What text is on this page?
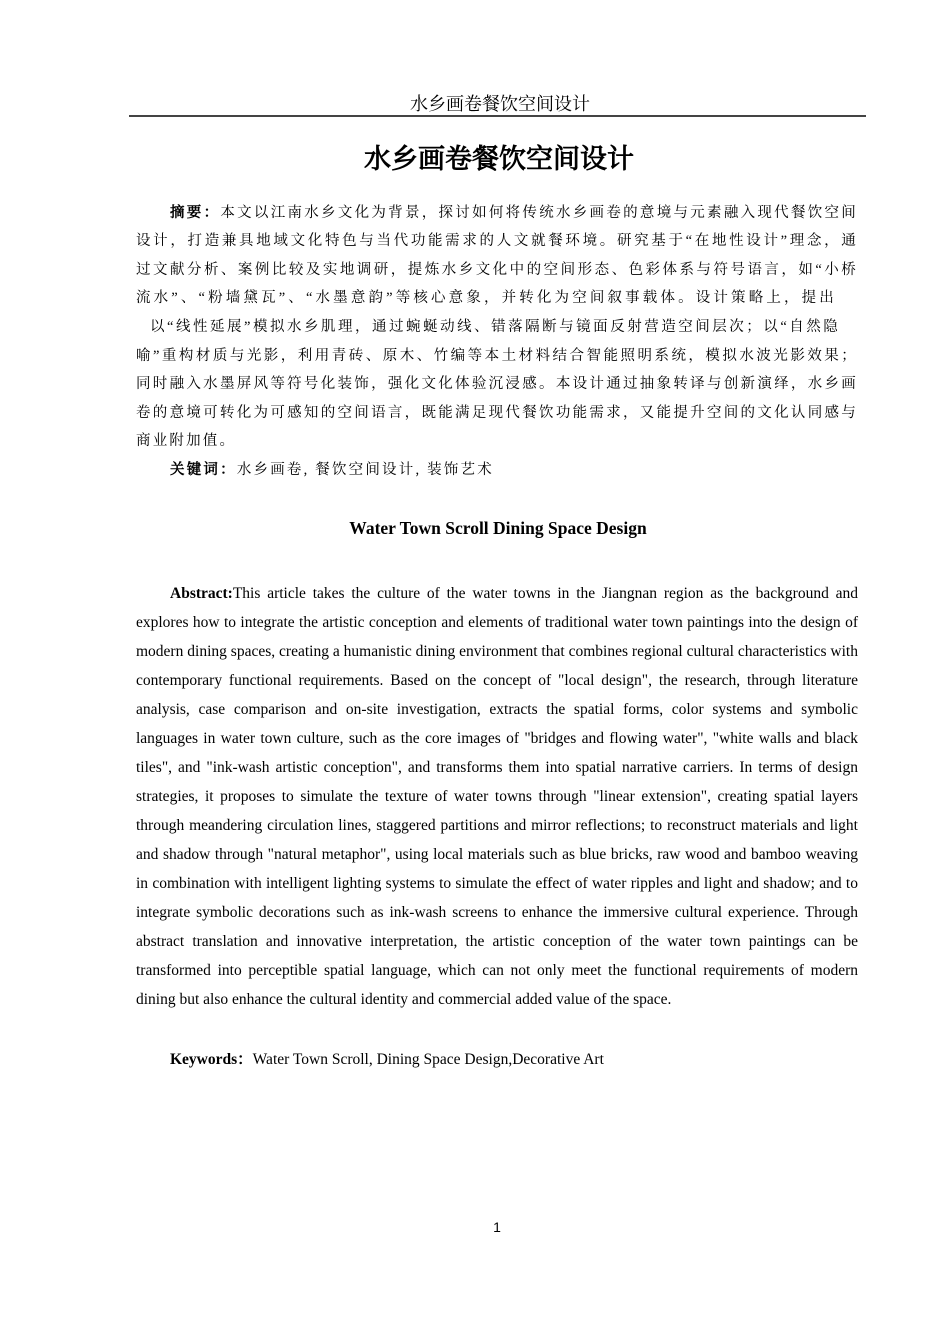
水乡画卷餐饮空间设计
水乡画卷餐饮空间设计
摘要：本文以江南水乡文化为背景，探讨如何将传统水乡画卷的意境与元素融入现代餐饮空间
设计，打造兼具地域文化特色与当代功能需求的人文就餐环境。研究基于“在地性设计”理念，通
过文献分析、案例比较及实地调研，提炼水乡文化中的空间形态、色彩体系与符号语言，如“小桥
流水”、“粉墙黛瓦”、“水墨意韵”等核心意象，并转化为空间叙事载体。设计策略上，提出
以“线性延展”模拟水乡肌理，通过蜿蜒动线、错落隔断与镜面反射营造空间层次；以“自然隐
喻”重构材质与光影，利用青砖、原木、竹编等本土材料结合智能照明系统，模拟水波光影效果；
同时融入水墨屏风等符号化装饰，强化文化体验沉浸感。本设计通过抽象转译与创新演绎，水乡画
卷的意境可转化为可感知的空间语言，既能满足现代餐饮功能需求，又能提升空间的文化认同感与
商业附加值。
关键词：水乡画卷, 餐饮空间设计, 装饰艺术
Water Town Scroll Dining Space Design
Abstract:This article takes the culture of the water towns in the Jiangnan region as the background and explores how to integrate the artistic conception and elements of traditional water town paintings into the design of modern dining spaces, creating a humanistic dining environment that combines regional cultural characteristics with contemporary functional requirements. Based on the concept of "local design", the research, through literature analysis, case comparison and on-site investigation, extracts the spatial forms, color systems and symbolic languages in water town culture, such as the core images of "bridges and flowing water", "white walls and black tiles", and "ink-wash artistic conception", and transforms them into spatial narrative carriers. In terms of design strategies, it proposes to simulate the texture of water towns through "linear extension", creating spatial layers through meandering circulation lines, staggered partitions and mirror reflections; to reconstruct materials and light and shadow through "natural metaphor", using local materials such as blue bricks, raw wood and bamboo weaving in combination with intelligent lighting systems to simulate the effect of water ripples and light and shadow; and to integrate symbolic decorations such as ink-wash screens to enhance the immersive cultural experience. Through abstract translation and innovative interpretation, the artistic conception of the water town paintings can be transformed into perceptible spatial language, which can not only meet the functional requirements of modern dining but also enhance the cultural identity and commercial added value of the space.
Keywords：Water Town Scroll, Dining Space Design,Decorative Art
1
